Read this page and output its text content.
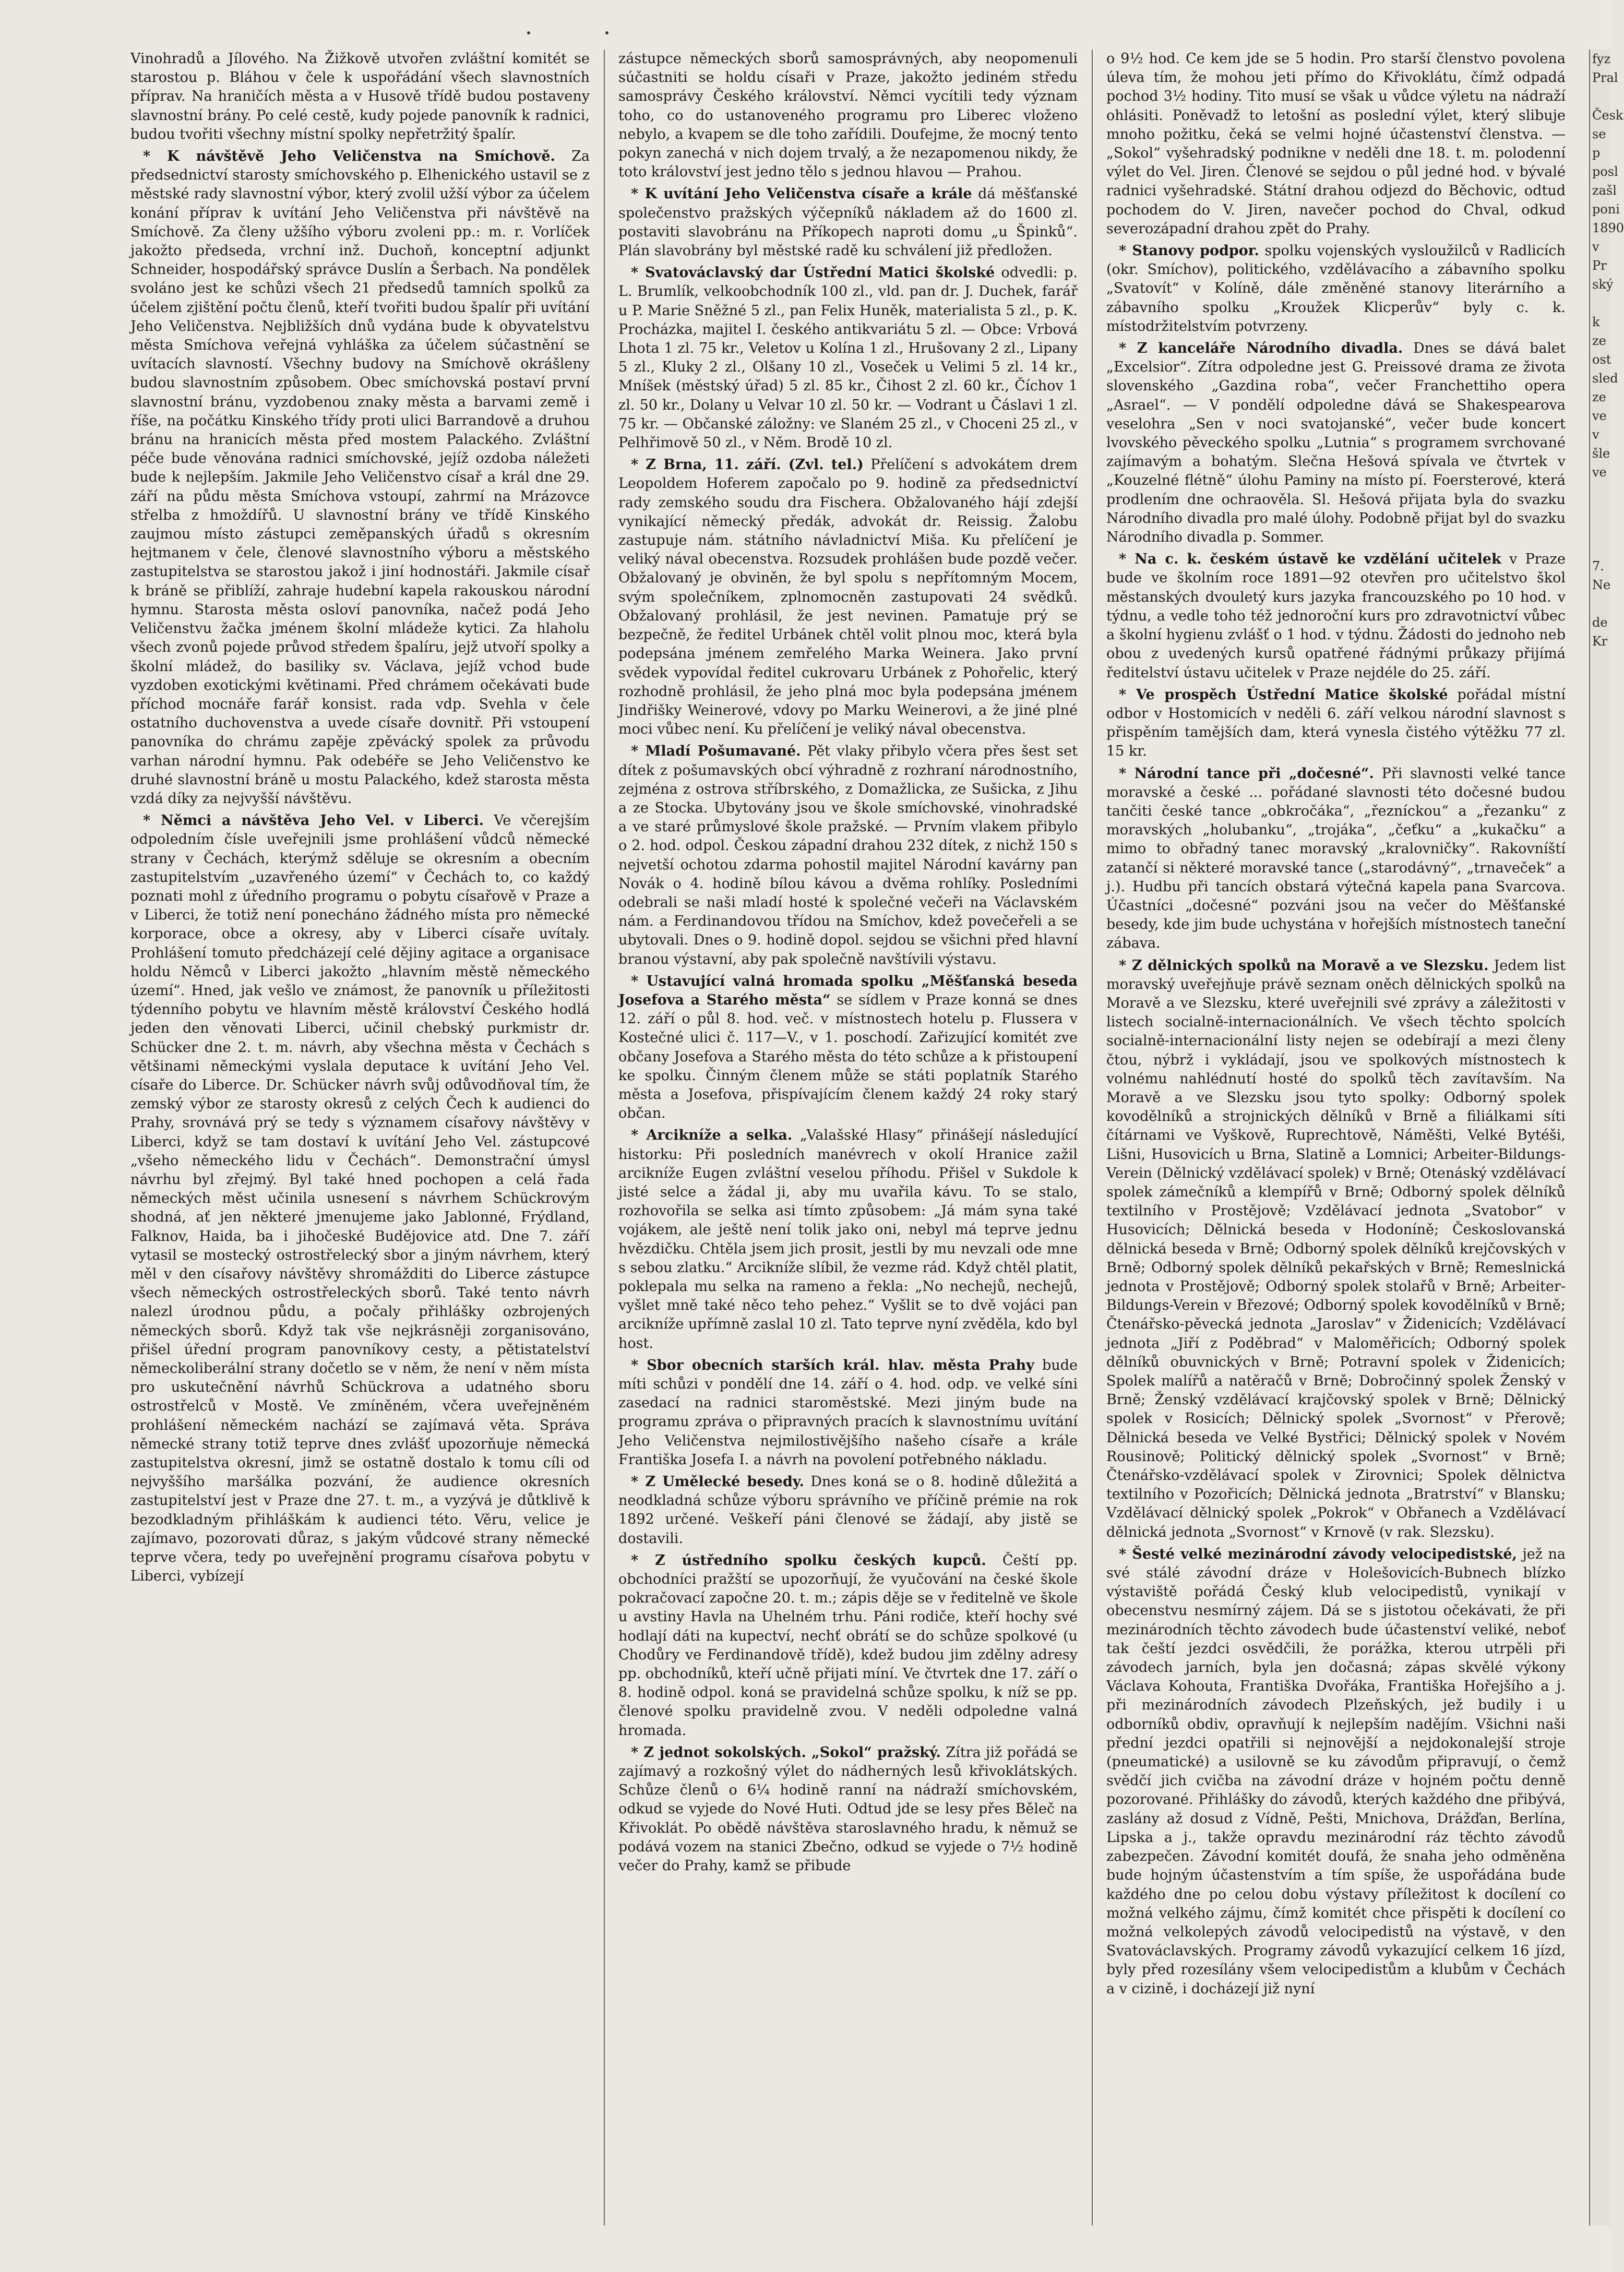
Vinohradů a Jílového. Na Žižkově utvořen zvláštní komitét se starostou p. Bláhou v čele k uspořádání všech slavnostních příprav. Na hraničích města a v Husově třídě budou postaveny slavnostní brány. Po celé cestě, kudy pojede panovník k radnici, budou tvořiti všechny místní spolky nepřetržitý špalír.

* K návštěvě Jeho Veličenstva na Smíchově. Za předsednictví starosty smíchovského p. Elhenického ustavil se z městské rady slavnostní výbor, který zvolil užší výbor za účelem konání příprav k uvítání Jeho Veličenstva při návštěvě na Smíchově. Za členy užšího výboru zvoleni pp.: m. r. Vorlíček jakožto předseda, vrchní inž. Duchoň, konceptní adjunkt Schneider, hospodářský správce Duslín a Šerbach. Na pondělek svoláno jest ke schůzi všech 21 předsedů tamních spolků za účelem zjištění počtu členů, kteří tvořiti budou špalír při uvítání Jeho Veličenstva. Nejbližších dnů vydána bude k obyvatelstvu města Smíchova veřejná vyhláška za účelem súčastnění se uvítacích slavností. Všechny budovy na Smíchově okrášleny budou slavnostním způsobem. Obec smíchovská postaví první slavnostní bránu, vyzdobenou znaky města a barvami země i říše, na počátku Kinského třídy proti ulici Barrandově a druhou bránu na hranicích města před mostem Palackého. Zvláštní péče bude věnována radnici smíchovské, jejíž ozdoba náležeti bude k nejlepším. Jakmile Jeho Veličenstvo císař a král dne 29. září na půdu města Smíchova vstoupí, zahrmí na Mrázovce střelba z hmoždířů. U slavnostní brány ve třídě Kinského zaujmou místo zástupci zeměpanských úřadů s okresním hejtmanem v čele, členové slavnostního výboru a městského zastupitelstva se starostou jakož i jiní hodnostáři. Jakmile císař k bráně se přiblíží, zahraje hudební kapela rakouskou národní hymnu. Starosta města osloví panovníka, načež podá Jeho Veličenstvu žačka jménem školní mládeže kytici. Za hlaholu všech zvonů pojede průvod středem špalíru, jejž utvoří spolky a školní mládež, do basiliky sv. Václava, jejíž vchod bude vyzdoben exotickými květinami. Před chrámem očekávati bude příchod mocnáře farář konsist. rada vdp. Svehla v čele ostatního duchovenstva a uvede císaře dovnitř. Při vstoupení panovníka do chrámu zapěje zpěvácký spolek za průvodu varhan národní hymnu. Pak odebéře se Jeho Veličenstvo ke druhé slavnostní bráně u mostu Palackého, kdež starosta města vzdá díky za nejvyšší návštěvu.

* Němci a návštěva Jeho Vel. v Liberci. Ve včerejším odpoledním čísle uveřejnili jsme prohlášení vůdců německé strany v Čechách, kterýmž sděluje se okresním a obecním zastupitelstvím „uzavřeného území“ v Čechách to, co každý poznati mohl z úředního programu o pobytu císařově v Praze a v Liberci, že totiž není ponecháno žádného místa pro německé korporace, obce a okresy, aby v Liberci císaře uvítaly. Prohlášení tomuto předcházejí celé dějiny agitace a organisace holdu Němců v Liberci jakožto „hlavním městě německého území“. Hned, jak vešlo ve známost, že panovník u příležitosti týdenního pobytu ve hlavním městě království Českého hodlá jeden den věnovati Liberci, učinil chebský purkmistr dr. Schücker dne 2. t. m. návrh, aby všechna města v Čechách s většinami německými vyslala deputace k uvítání Jeho Vel. císaře do Liberce. Dr. Schücker návrh svůj odůvodňoval tím, že zemský výbor ze starosty okresů z celých Čech k audienci do Prahy, srovnává prý se tedy s významem císařovy návštěvy v Liberci, když se tam dostaví k uvítání Jeho Vel. zástupcové „všeho německého lidu v Čechách“. Demonstrační úmysl návrhu byl zřejmý. Byl také hned pochopen a celá řada německých měst učinila usnesení s návrhem Schückrovým shodná, ať jen některé jmenujeme jako Jablonné, Frýdland, Falknov, Haida, ba i jihočeské Budějovice atd. Dne 7. září vytasil se mostecký ostrostřelecký sbor a jiným návrhem, který měl v den císařovy návštěvy shromážditi do Liberce zástupce všech německých ostrostřeleckých sborů. Také tento návrh nalezl úrodnou půdu, a počaly přihlášky ozbrojených německých sborů. Když tak vše nejkrásněji zorganisováno, přišel úřední program panovníkovy cesty, a pětistatelství německoliberální strany dočetlo se v něm, že není v něm místa pro uskutečnění návrhů Schückrova a udatného sboru ostrostřelců v Mostě. Ve zmíněném, včera uveřejněném prohlášení německém nachází se zajímavá věta. Správa německé strany totiž teprve dnes zvlášť upozorňuje německá zastupitelstva okresní, jimž se ostatně dostalo k tomu cíli od nejvyššího maršálka pozvání, že audience okresních zastupitelství jest v Praze dne 27. t. m., a vyzývá je důtklivě k bezodkladným přihláškám k audienci této. Věru, velice je zajímavo, pozorovati důraz, s jakým vůdcové strany německé teprve včera, tedy po uveřejnění programu císařova pobytu v Liberci, vybízejí

zástupce německých sborů samosprávných, aby neopomenuli súčastniti se holdu císaři v Praze, jakožto jediném středu samosprávy Českého království. Němci vycítili tedy význam toho, co do ustanoveného programu pro Liberec vloženo nebylo, a kvapem se dle toho zařídili. Doufejme, že mocný tento pokyn zanechá v nich dojem trvalý, a že nezapomenou nikdy, že toto království jest jedno tělo s jednou hlavou — Prahou.

* K uvítání Jeho Veličenstva císaře a krále dá měšťanské společenstvo pražských výčepníků nákladem až do 1600 zl. postaviti slavobránu na Příkopech naproti domu „u Špinků“. Plán slavobrány byl městské radě ku schválení již předložen.

* Svatováclavský dar Ústřední Matici školské odvedli: p. L. Brumlík, velkoobchodník 100 zl., vld. pan dr. J. Duchek, farář u P. Marie Sněžné 5 zl., pan Felix Huněk, materialista 5 zl., p. K. Procházka, majitel I. českého antikvariátu 5 zl. — Obce: Vrbová Lhota 1 zl. 75 kr., Veletov u Kolína 1 zl., Hrušovany 2 zl., Lipany 5 zl., Kluky 2 zl., Olšany 10 zl., Voseček u Velimi 5 zl. 14 kr., Mníšek (městský úřad) 5 zl. 85 kr., Čihost 2 zl. 60 kr., Číchov 1 zl. 50 kr., Dolany u Velvar 10 zl. 50 kr. — Vodrant u Čáslavi 1 zl. 75 kr. — Občanské záložny: ve Slaném 25 zl., v Choceni 25 zl., v Pelhřimově 50 zl., v Něm. Brodě 10 zl.

* Z Brna, 11. září. (Zvl. tel.) Přelíčení s advokátem drem Leopoldem Hoferem započalo po 9. hodině za předsednictví rady zemského soudu dra Fischera. Obžalovaného hájí zdejší vynikající německý předák, advokát dr. Reissig. Žalobu zastupuje nám. státního návladnictví Miša. Ku přelíčení je veliký nával obecenstva. Rozsudek prohlášen bude pozdě večer. Obžalovaný je obviněn, že byl spolu s nepřítomným Mocem, svým společníkem, zplnomocněn zastupovati 24 svědků. Obžalovaný prohlásil, že jest nevinen. Pamatuje prý se bezpečně, že ředitel Urbánek chtěl volit plnou moc, která byla podepsána jménem zemřelého Marka Weinera. Jako první svědek vypovídal ředitel cukrovaru Urbánek z Pohořelic, který rozhodně prohlásil, že jeho plná moc byla podepsána jménem Jindřišky Weinerové, vdovy po Marku Weinerovi, a že jiné plné moci vůbec není. Ku přelíčení je veliký nával obecenstva.

* Mladí Pošumavané. Pět vlaky přibylo včera přes šest set dítek z pošumavských obcí výhradně z rozhraní národnostního, zejména z ostrova stříbrského, z Domažlicka, ze Sušicka, z Jihu a ze Stocka. Ubytovány jsou ve škole smíchovské, vinohradské a ve staré průmyslové škole pražské. — Prvním vlakem přibylo o 2. hod. odpol. Českou západní drahou 232 dítek, z nichž 150 s nejvetší ochotou zdarma pohostil majitel Národní kavárny pan Novák o 4. hodině bílou kávou a dvěma rohlíky. Posledními odebrali se naši mladí hosté k společné večeři na Václavském nám. a Ferdinandovou třídou na Smíchov, kdež povečeřeli a se ubytovali. Dnes o 9. hodině dopol. sejdou se všichni před hlavní branou výstavní, aby pak společně navštívili výstavu.

* Ustavující valná hromada spolku „Měšťanská beseda Josefova a Starého města“ se sídlem v Praze konná se dnes 12. září o půl 8. hod. več. v místnostech hotelu p. Flussera v Kostečné ulici č. 117—V., v 1. poschodí. Zařizující komitét zve občany Josefova a Starého města do této schůze a k přistoupení ke spolku. Činným členem může se státi poplatník Starého města a Josefova, přispívajícím členem každý 24 roky starý občan.

* Arcikníže a selka. „Valašské Hlasy“ přinášejí následující historku: Při posledních manévrech v okolí Hranice zažil arcikníže Eugen zvláštní veselou příhodu. Přišel v Sukdole k jisté selce a žádal ji, aby mu uvařila kávu. To se stalo, rozhovořila se selka asi tímto způsobem: „Já mám syna také vojákem, ale ještě není tolik jako oni, nebyl má teprve jednu hvězdičku. Chtěla jsem jich prosit, jestli by mu nevzali ode mne s sebou zlatku.“ Arcikníže slíbil, že vezme rád. Když chtěl platit, poklepala mu selka na rameno a řekla: „No nechejů, nechejů, vyšlet mně také něco teho pehez.“ Vyšlit se to dvě vojáci pan arcikníže upřímně zaslal 10 zl. Tato teprve nyní zvěděla, kdo byl host.

* Sbor obecních starších král. hlav. města Prahy bude míti schůzi v pondělí dne 14. září o 4. hod. odp. ve velké síni zasedací na radnici staroměstské. Mezi jiným bude na programu zpráva o připravných pracích k slavnostnímu uvítání Jeho Veličenstva nejmilostivějšího našeho císaře a krále Františka Josefa I. a návrh na povolení potřebného nákladu.

* Z Umělecké besedy. Dnes koná se o 8. hodině důležitá a neodkladná schůze výboru správního ve příčině prémie na rok 1892 určené. Veškeří páni členové se žádají, aby jistě se dostavili.

* Z ústředního spolku českých kupců. Čeští pp. obchodníci pražští se upozorňují, že vyučování na české škole pokračovací započne 20. t. m.; zápis děje se v ředitelně ve škole u avstiny Havla na Uhelném trhu. Páni rodiče, kteří hochy své hodlají dáti na kupectví, nechť obrátí se do schůze spolkové (u Chodůry ve Ferdinandově třídě), kdež budou jim zdělny adresy pp. obchodníků, kteří učně přijati míní. Ve čtvrtek dne 17. září o 8. hodině odpol. koná se pravidelná schůze spolku, k níž se pp. členové spolku pravidelně zvou. V neděli odpoledne valná hromada.

* Z jednot sokolských. „Sokol“ pražský. Zítra již pořádá se zajímavý a rozkošný výlet do nádherných lesů křivoklátských. Schůze členů o 6¼ hodině ranní na nádraží smíchovském, odkud se vyjede do Nové Huti. Odtud jde se lesy přes Běleč na Křivoklát. Po obědě návštěva staroslavného hradu, k němuž se podává vozem na stanici Zbečno, odkud se vyjede o 7½ hodině večer do Prahy, kamž se přibude

o 9½ hod. Ce kem jde se 5 hodin. Pro starší členstvo povolena úleva tím, že mohou jeti přímo do Křivoklátu, čímž odpadá pochod 3½ hodiny. Tito musí se však u vůdce výletu na nádraží ohlásiti. Poněvadž to letošní as poslední výlet, který slibuje mnoho požitku, čeká se velmi hojné účastenství členstva. — „Sokol“ vyšehradský podnikne v neděli dne 18. t. m. polodenní výlet do Vel. Jiren. Členové se sejdou o půl jedné hod. v bývalé radnici vyšehradské. Státní drahou odjezd do Běchovic, odtud pochodem do V. Jiren, navečer pochod do Chval, odkud severozápadní drahou zpět do Prahy.

* Stanovy podpor. spolku vojenských vysloužilců v Radlicích (okr. Smíchov), politického, vzdělávacího a zábavního spolku „Svatovít“ v Kolíně, dále změněné stanovy literárního a zábavního spolku „Kroužek Klicperův“ byly c. k. místodržitelstvím potvrzeny.

* Z kanceláře Národního divadla. Dnes se dává balet „Excelsior“. Zítra odpoledne jest G. Preissové drama ze života slovenského „Gazdina roba“, večer Franchettiho opera „Asrael“. — V pondělí odpoledne dává se Shakespearova veselohra „Sen v noci svatojanské“, večer bude koncert lvovského pěveckého spolku „Lutnia“ s programem svrchované zajímavým a bohatým. Slečna Hešová spívala ve čtvrtek v „Kouzelné flétně“ úlohu Paminy na místo pí. Foersterové, která prodlením dne ochraověla. Sl. Hešová přijata byla do svazku Národního divadla pro malé úlohy. Podobně přijat byl do svazku Národního divadla p. Sommer.

* Na c. k. českém ústavě ke vzdělání učitelek v Praze bude ve školním roce 1891—92 otevřen pro učitelstvo škol městanských dvouletý kurs jazyka francouzského po 10 hod. v týdnu, a vedle toho též jednoroční kurs pro zdravotnictví vůbec a školní hygienu zvlášť o 1 hod. v týdnu. Žádosti do jednoho neb obou z uvedených kursů opatřené řádnými průkazy přijímá ředitelství ústavu učitelek v Praze nejdéle do 25. září.

* Ve prospěch Ústřední Matice školské pořádal místní odbor v Hostomicích v neděli 6. září velkou národní slavnost s přispěním tamějších dam, která vynesla čistého výtěžku 77 zl. 15 kr.

* Národní tance při „dočesné“. Při slavnosti velké tance moravské a české ... pořádané slavnosti této dočesné budou tančiti české tance „obkročáka“, „řezníckou“ a „řezanku“ z moravských „holubanku“, „trojáka“, „čeťku“ a „kukačku“ a mimo to obřadný tanec moravský „kralovničky“. Rakovníští zatančí si některé moravské tance („starodávný“, „trnaveček“ a j.). Hudbu při tancích obstará výtečná kapela pana Svarcova. Účastníci „dočesné“ pozváni jsou na večer do Měšťanské besedy, kde jim bude uchystána v hořejších místnostech taneční zábava.

* Z dělnických spolků na Moravě a ve Slezsku. Jedem list moravský uveřejňuje právě seznam oněch dělnických spolků na Moravě a ve Slezsku, které uveřejnili své zprávy a záležitosti v listech socialně-internacionálních. Ve všech těchto spolcích socialně-internacionální listy nejen se odebírají a mezi členy čtou, nýbrž i vykládají, jsou ve spolkových místnostech k volnému nahlédnutí hosté do spolků těch zavítavším. Na Moravě a ve Slezsku jsou tyto spolky: Odborný spolek kovodělníků a strojnických dělníků v Brně a filiálkami síti čítárnami ve Vyškově, Ruprechtově, Náměšti, Velké Bytéši, Lišni, Husovicích u Brna, Slatině a Lomnici; Arbeiter-Bildungs-Verein (Dělnický vzdělávací spolek) v Brně; Otenáský vzdělávací spolek zámečníků a klempířů v Brně; Odborný spolek dělníků textilního v Prostějově; Vzdělávací jednota „Svatobor“ v Husovicích; Dělnická beseda v Hodoníně; Českoslovanská dělnická beseda v Brně; Odborný spolek dělníků krejčovských v Brně; Odborný spolek dělníků pekařských v Brně; Remeslnická jednota v Prostějově; Odborný spolek stolařů v Brně; Arbeiter-Bildungs-Verein v Březové; Odborný spolek kovodělníků v Brně; Čtenářsko-pěvecká jednota „Jaroslav“ v Židenicích; Vzdělávací jednota „Jiří z Poděbrad“ v Maloměřicích; Odborný spolek dělníků obuvnických v Brně; Potravní spolek v Židenicích; Spolek malířů a natěračů v Brně; Dobročinný spolek Ženský v Brně; Ženský vzdělávací krajčovský spolek v Brně; Dělnický spolek v Rosicích; Dělnický spolek „Svornost“ v Přerově; Dělnická beseda ve Velké Bystřici; Dělnický spolek v Novém Rousinově; Politický dělnický spolek „Svornost“ v Brně; Čtenářsko-vzdělávací spolek v Zirovnici; Spolek dělnictva textilního v Pozořicích; Dělnická jednota „Bratrství“ v Blansku; Vzdělávací dělnický spolek „Pokrok“ v Obřanech a Vzdělávací dělnická jednota „Svornost“ v Krnově (v rak. Slezsku).

* Šesté velké mezinárodní závody velocipedistské, jež na své stálé závodní dráze v Holešovicích-Bubnech blízko výstaviště pořádá Český klub velocipedistů, vynikají v obecenstvu nesmírný zájem. Dá se s jistotou očekávati, že při mezinárodních těchto závodech bude účastenství veliké, neboť tak čeští jezdci osvědčili, že porážka, kterou utrpěli při závodech jarních, byla jen dočasná; zápas skvělé výkony Václava Kohouta, Františka Dvořáka, Františka Hořejšího a j. při mezinárodních závodech Plzeňských, jež budily i u odborníků obdiv, opravňují k nejlepším nadějím. Všichni naši přední jezdci opatřili si nejnovější a nejdokonalejší stroje (pneumatické) a usilovně se ku závodům připravují, o čemž svědčí jich cvičba na závodní dráze v hojném počtu denně pozorované. Přihlášky do závodů, kterých každého dne přibývá, zaslány až dosud z Vídně, Pešti, Mnichova, Drážďan, Berlína, Lipska a j., takže opravdu mezinárodní ráz těchto závodů zabezpečen. Závodní komitét doufá, že snaha jeho odměněna bude hojným účastenstvím a tím spíše, že uspořádána bude každého dne po celou dobu výstavy příležitost k docílení co možná velkého zájmu, čímž komitét chce přispěti k docílení co možná velkolepých závodů velocipedistů na výstavě, v den Svatováclavských. Programy závodů vykazující celkem 16 jízd, byly před rozesílány všem velocipedistům a klubům v Čechách a v cizině, i docházejí již nyní

fyz
Pral

Česk
se p
posl
zašl
poni
1890
v Pr
ský

k ze
ost
sled
ze
ve
v
šle
ve

7.
Ne

de
Kr
